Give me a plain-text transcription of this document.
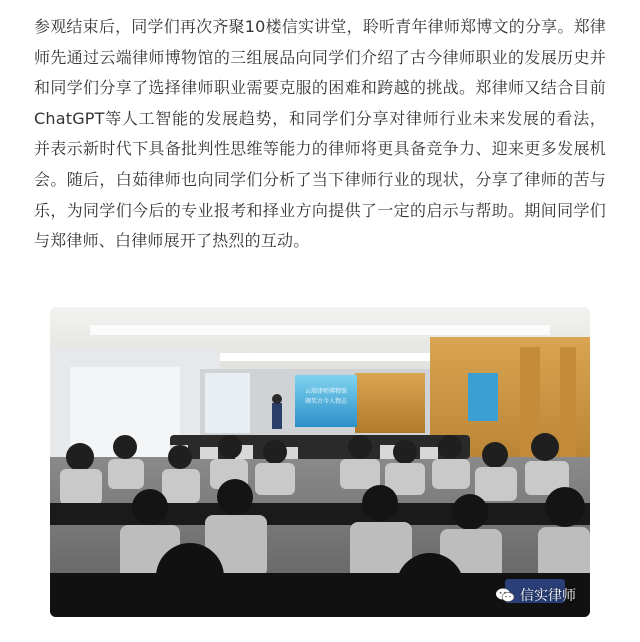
参观结束后，同学们再次齐聚10楼信实讲堂，聆听青年律师郑博文的分享。郑律师先通过云端律师博物馆的三组展品向同学们介绍了古今律师职业的发展历史并和同学们分享了选择律师职业需要克服的困难和跨越的挑战。郑律师又结合目前ChatGPT等人工智能的发展趋势，和同学们分享对律师行业未来发展的看法，并表示新时代下具备批判性思维等能力的律师将更具备竞争力、迎来更多发展机会。随后，白茹律师也向同学们分析了当下律师行业的现状，分享了律师的苦与乐，为同学们今后的专业报考和择业方向提供了一定的启示与帮助。期间同学们与郑律师、白律师展开了热烈的互动。

云端律师博物馆
颁奖古今人物志
信实律师
